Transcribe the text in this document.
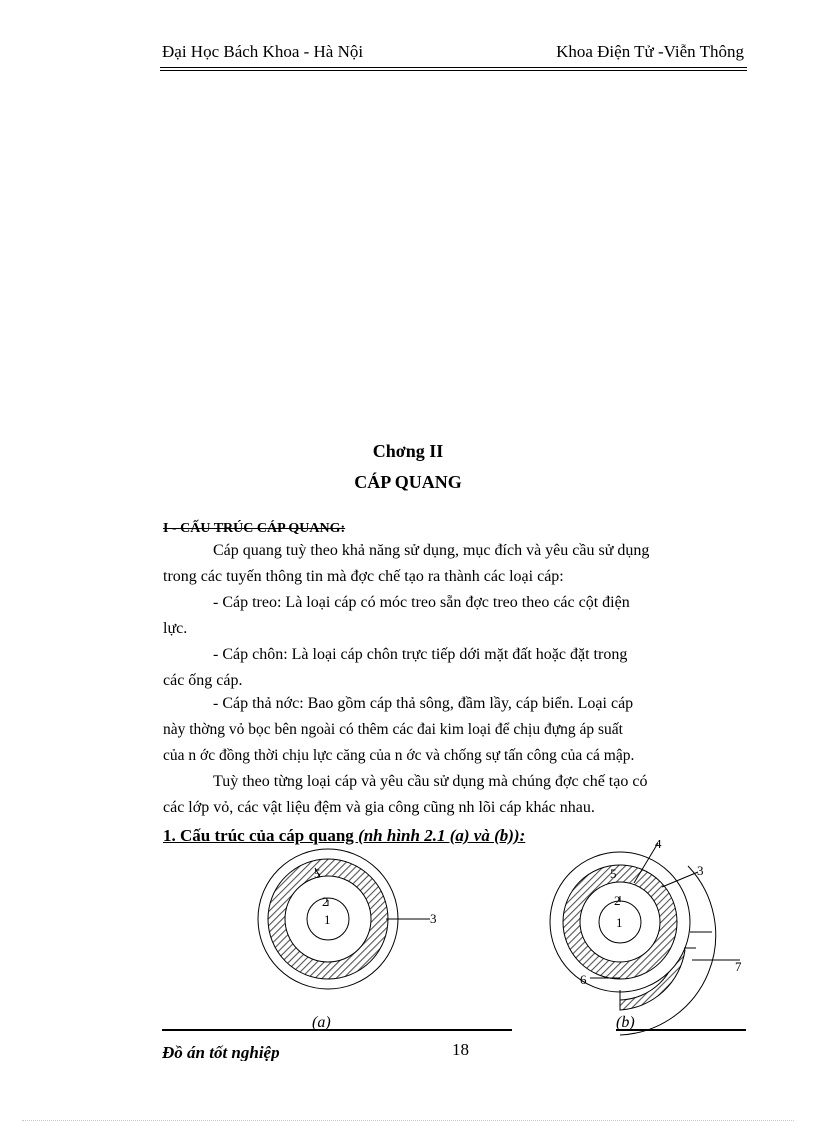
Đại Học Bách Khoa - Hà Nội	Khoa Điện Tử -Viễn Thông
Chơng II
CÁP QUANG
I - CẤU TRÚC CÁP QUANG:
Cáp quang tuỳ theo khả năng sử dụng, mục đích và yêu cầu sử dụng
trong các tuyến thông tin mà đợc chế tạo ra thành các loại cáp:
- Cáp treo: Là loại cáp có móc treo sẵn đợc treo theo các cột điện
lực.
- Cáp chôn: Là loại cáp chôn trực tiếp dới mặt đất hoặc đặt trong
các ống cáp.
- Cáp thả nớc: Bao gồm cáp thả sông, đầm lầy, cáp biển. Loại cáp
này thờng vỏ bọc bên ngoài có thêm các đai kim loại để chịu đựng áp suất
của n ớc đồng thời chịu lực căng của n ớc và chống sự tấn công của cá mập.
Tuỳ theo từng loại cáp và yêu cầu sử dụng mà chúng đợc chế tạo có
các lớp vỏ, các vật liệu đệm và gia công cũng nh lõi cáp khác nhau.
1. Cấu trúc của cáp quang (nh hình 2.1 (a) và (b)):
1
2
3
5
1
2
3
4
5
6
7
(a)	(b)
Đồ án tốt nghiệp	18
